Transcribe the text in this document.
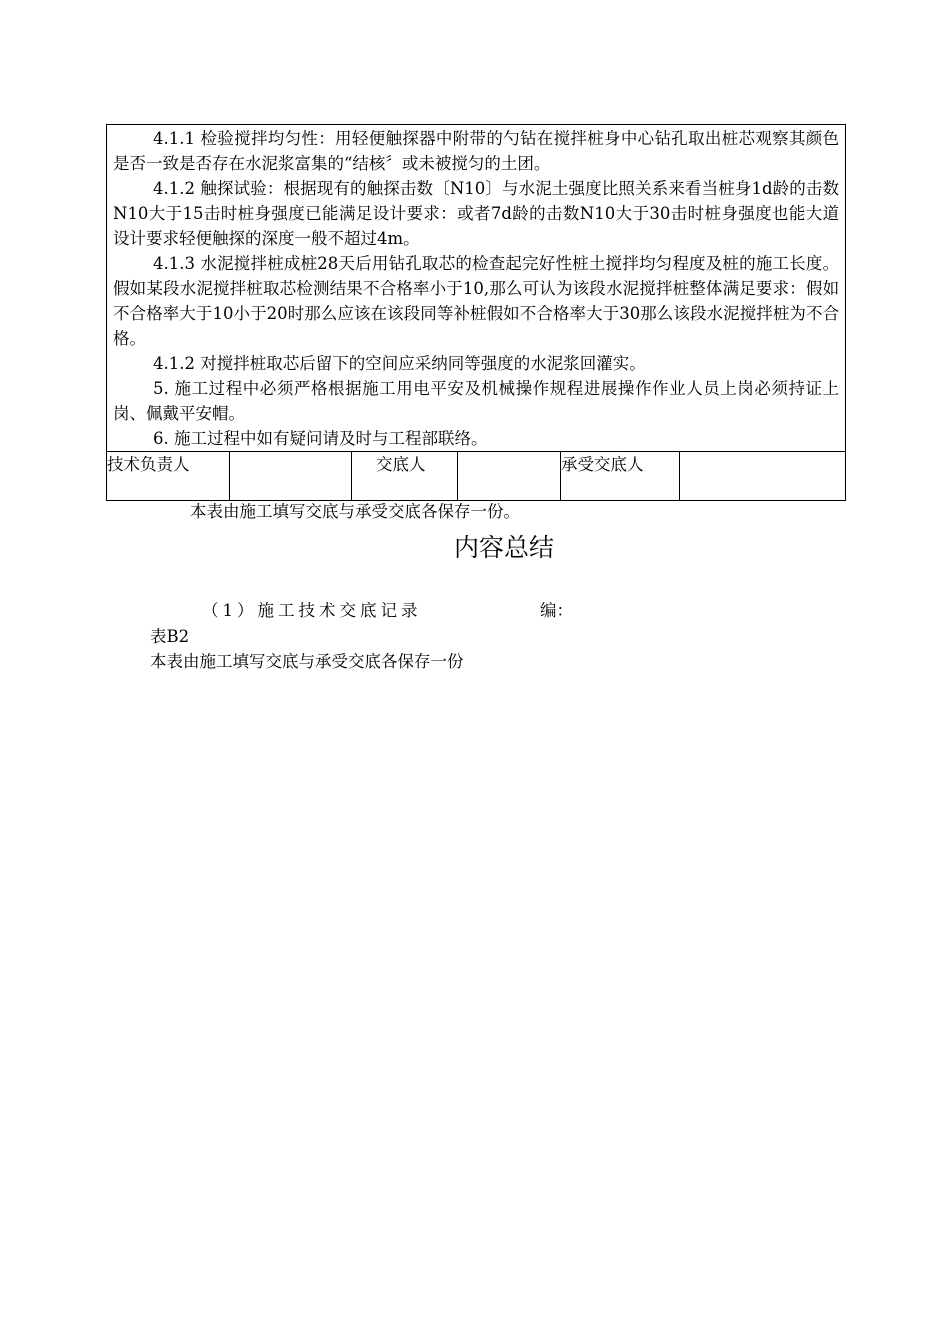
4.1.1 检验搅拌均匀性：用轻便触探器中附带的勺钻在搅拌桩身中心钻孔取出桩芯观察其颜色是否一致是否存在水泥浆富集的“结核〞或未被搅匀的土团。

4.1.2 触探试验：根据现有的触探击数〔N10〕与水泥土强度比照关系来看当桩身1d龄的击数N10大于15击时桩身强度已能满足设计要求：或者7d龄的击数N10大于30击时桩身强度也能大道设计要求轻便触探的深度一般不超过4m。

4.1.3 水泥搅拌桩成桩28天后用钻孔取芯的检查起完好性桩土搅拌均匀程度及桩的施工长度。假如某段水泥搅拌桩取芯检测结果不合格率小于10,那么可认为该段水泥搅拌桩整体满足要求：假如不合格率大于10小于20时那么应该在该段同等补桩假如不合格率大于30那么该段水泥搅拌桩为不合格。

4.1.2 对搅拌桩取芯后留下的空间应采纳同等强度的水泥浆回灌实。

5. 施工过程中必须严格根据施工用电平安及机械操作规程进展操作作业人员上岗必须持证上岗、佩戴平安帽。

6. 施工过程中如有疑问请及时与工程部联络。

技术负责人		交底人		承受交底人	
本表由施工填写交底与承受交底各保存一份。
内容总结
（1）施工技术交底记录	编：
表B2
本表由施工填写交底与承受交底各保存一份
